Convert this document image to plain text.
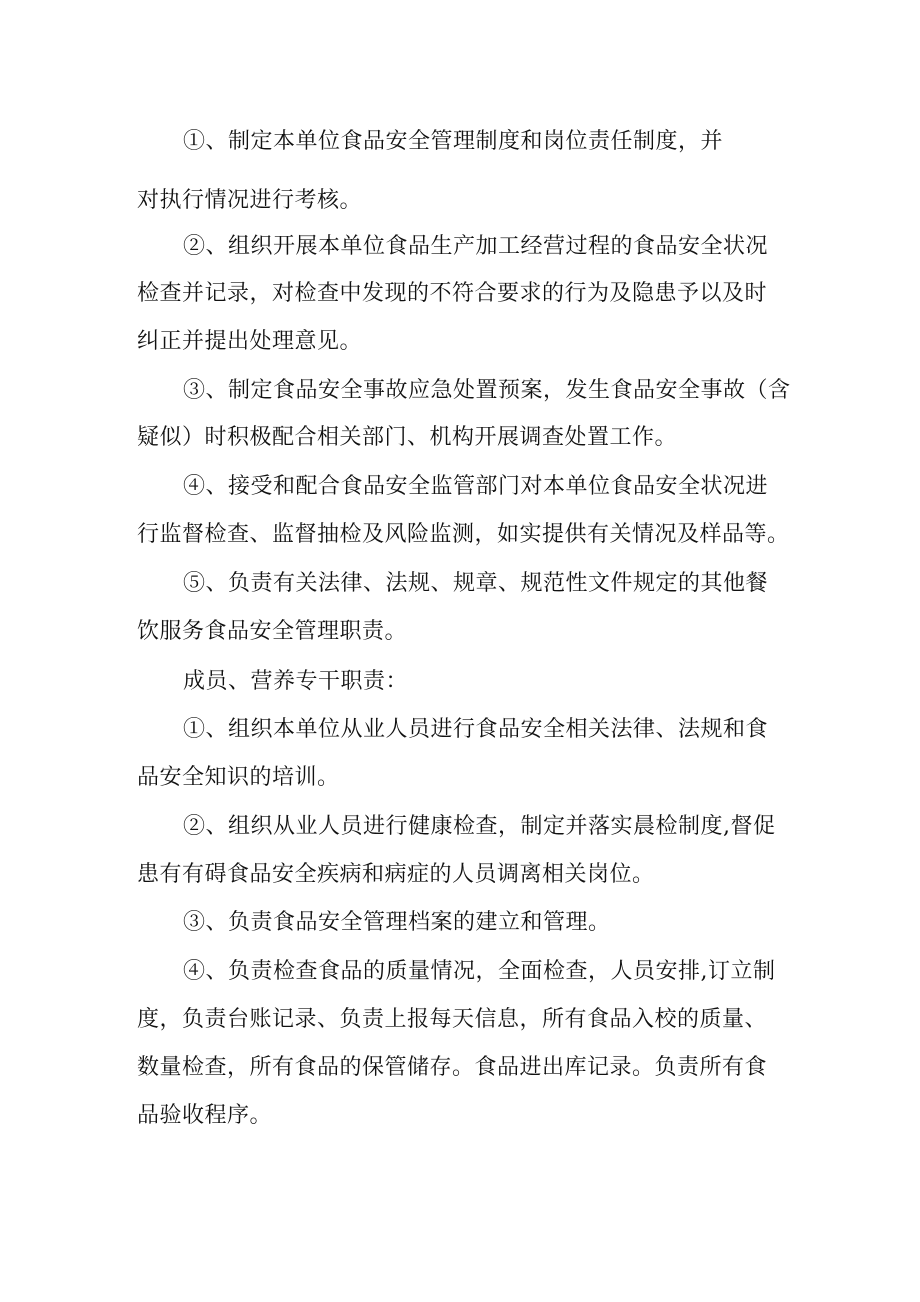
①、制定本单位食品安全管理制度和岗位责任制度，并
对执行情况进行考核。
②、组织开展本单位食品生产加工经营过程的食品安全状况
检查并记录，对检查中发现的不符合要求的行为及隐患予以及时
纠正并提出处理意见。
③、制定食品安全事故应急处置预案，发生食品安全事故（含
疑似）时积极配合相关部门、机构开展调查处置工作。
④、接受和配合食品安全监管部门对本单位食品安全状况进
行监督检查、监督抽检及风险监测，如实提供有关情况及样品等。
⑤、负责有关法律、法规、规章、规范性文件规定的其他餐
饮服务食品安全管理职责。
成员、营养专干职责：
①、组织本单位从业人员进行食品安全相关法律、法规和食
品安全知识的培训。
②、组织从业人员进行健康检查，制定并落实晨检制度,督促
患有有碍食品安全疾病和病症的人员调离相关岗位。
③、负责食品安全管理档案的建立和管理。
④、负责检查食品的质量情况，全面检查，人员安排,订立制
度，负责台账记录、负责上报每天信息，所有食品入校的质量、
数量检查，所有食品的保管储存。食品进出库记录。负责所有食
品验收程序。
